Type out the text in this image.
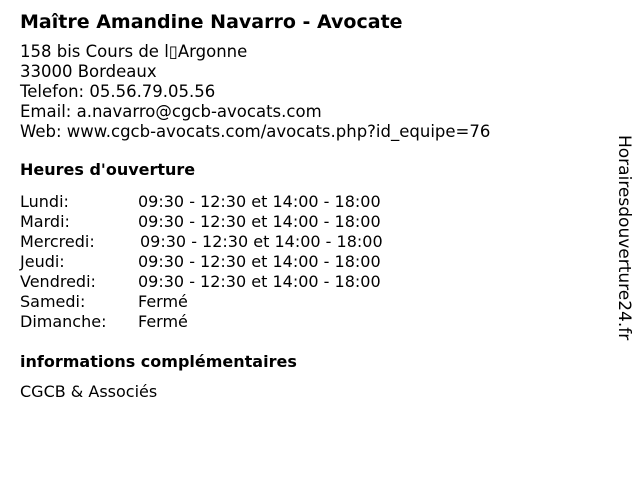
Maître Amandine Navarro - Avocate
158 bis Cours de l▯Argonne
33000 Bordeaux
Telefon: 05.56.79.05.56
Email: a.navarro@cgcb-avocats.com
Web: www.cgcb-avocats.com/avocats.php?id_equipe=76
Heures d'ouverture
Lundi:	09:30 - 12:30 et 14:00 - 18:00
Mardi:	09:30 - 12:30 et 14:00 - 18:00
Mercredi:	09:30 - 12:30 et 14:00 - 18:00
Jeudi:	09:30 - 12:30 et 14:00 - 18:00
Vendredi:	09:30 - 12:30 et 14:00 - 18:00
Samedi:	Fermé
Dimanche:	Fermé
informations complémentaires
CGCB & Associés
Horairesdouverture24.fr
